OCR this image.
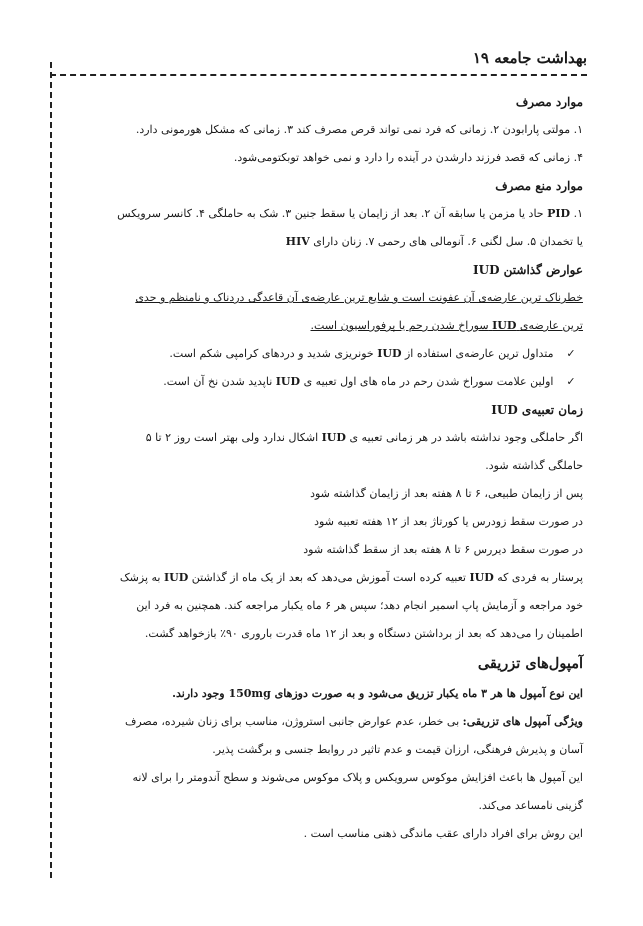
بهداشت جامعه ۱۹
موارد مصرف
۱. مولتی پارابودن ۲. زمانی که فرد نمی تواند قرص مصرف کند ۳. زمانی که مشکل هورمونی دارد.
۴. زمانی که قصد فرزند دارشدن در آینده را دارد و نمی خواهد توبکتومی‌شود.
موارد منع مصرف
۱. PID حاد یا مزمن یا سابقه آن ۲. بعد از زایمان یا سقط جنین ۳. شک به حاملگی ۴. کانسر سرویکس
یا تخمدان ۵. سل لگنی ۶. آنومالی های رحمی ۷. زنان دارای HIV
عوارض گذاشتن IUD
خطرناک ترین عارضه‌ی آن عفونت است و شایع ترین عارضه‌ی آن قاعدگی دردناک و نامنظم و حدی
ترین عارضه‌ی IUD سوراخ شدن رحم یا پرفوراسیون است.
✓ متداول ترین عارضه‌ی استفاده از IUD خونریزی شدید و دردهای کرامپی شکم است.
✓ اولین علامت سوراخ شدن رحم در ماه های اول تعبیه ی IUD ناپدید شدن نخ آن است.
زمان تعبیه‌ی IUD
اگر حاملگی وجود نداشته باشد در هر زمانی تعبیه ی IUD اشکال ندارد ولی بهتر است روز ۲ تا ۵
حاملگی گذاشته شود.
پس از زایمان طبیعی، ۶ تا ۸ هفته بعد از زایمان گذاشته شود
در صورت سقط زودرس یا کورتاژ بعد از ۱۲ هفته تعبیه شود
در صورت سقط دیررس ۶ تا ۸ هفته بعد از سقط گذاشته شود
پرستار به فردی که IUD تعبیه کرده است آموزش می‌دهد که بعد از یک ماه از گذاشتن IUD به پزشک
خود مراجعه و آزمایش پاپ اسمیر انجام دهد؛ سپس هر ۶ ماه یکبار مراجعه کند. همچنین به فرد این
اطمینان را می‌دهد که بعد از برداشتن دستگاه و بعد از ۱۲ ماه قدرت باروری ۹۰٪ بازخواهد گشت.
آمپول‌های تزریقی
این نوع آمپول ها هر ۳ ماه یکبار تزریق می‌شود و به صورت دوزهای 150mg وجود دارند.
ویژگی آمپول های تزریقی: بی خطر، عدم عوارض جانبی استروژن، مناسب برای زنان شیرده، مصرف
آسان و پذیرش فرهنگی، ارزان قیمت و عدم تاثیر در روابط جنسی و برگشت پذیر.
این آمپول ها باعث افزایش موکوس سرویکس و پلاک موکوس می‌شوند و سطح آندومتر را برای لانه
گزینی نامساعد می‌کند.
این روش برای افراد دارای عقب ماندگی ذهنی مناسب است .
